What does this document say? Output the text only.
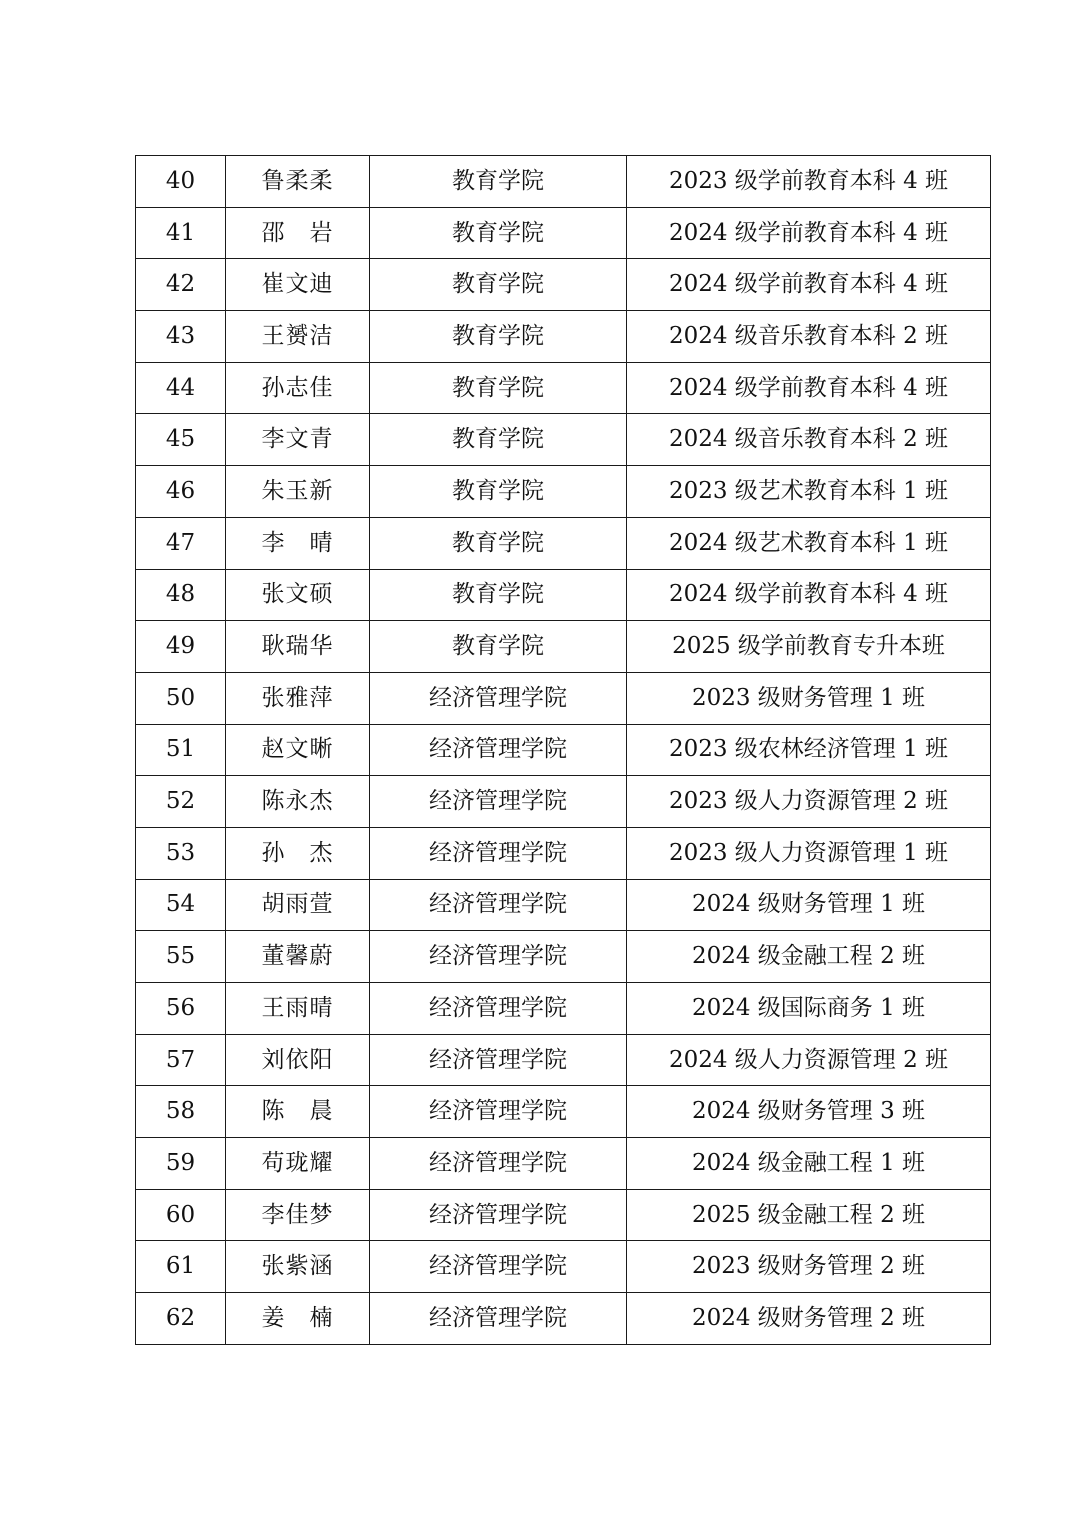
40	鲁柔柔	教育学院	2023 级学前教育本科 4 班
41	邵　岩	教育学院	2024 级学前教育本科 4 班
42	崔文迪	教育学院	2024 级学前教育本科 4 班
43	王赟洁	教育学院	2024 级音乐教育本科 2 班
44	孙志佳	教育学院	2024 级学前教育本科 4 班
45	李文青	教育学院	2024 级音乐教育本科 2 班
46	朱玉新	教育学院	2023 级艺术教育本科 1 班
47	李　晴	教育学院	2024 级艺术教育本科 1 班
48	张文硕	教育学院	2024 级学前教育本科 4 班
49	耿瑞华	教育学院	2025 级学前教育专升本班
50	张雅萍	经济管理学院	2023 级财务管理 1 班
51	赵文晰	经济管理学院	2023 级农林经济管理 1 班
52	陈永杰	经济管理学院	2023 级人力资源管理 2 班
53	孙　杰	经济管理学院	2023 级人力资源管理 1 班
54	胡雨萱	经济管理学院	2024 级财务管理 1 班
55	董馨蔚	经济管理学院	2024 级金融工程 2 班
56	王雨晴	经济管理学院	2024 级国际商务 1 班
57	刘依阳	经济管理学院	2024 级人力资源管理 2 班
58	陈　晨	经济管理学院	2024 级财务管理 3 班
59	苟珑耀	经济管理学院	2024 级金融工程 1 班
60	李佳梦	经济管理学院	2025 级金融工程 2 班
61	张紫涵	经济管理学院	2023 级财务管理 2 班
62	姜　楠	经济管理学院	2024 级财务管理 2 班
